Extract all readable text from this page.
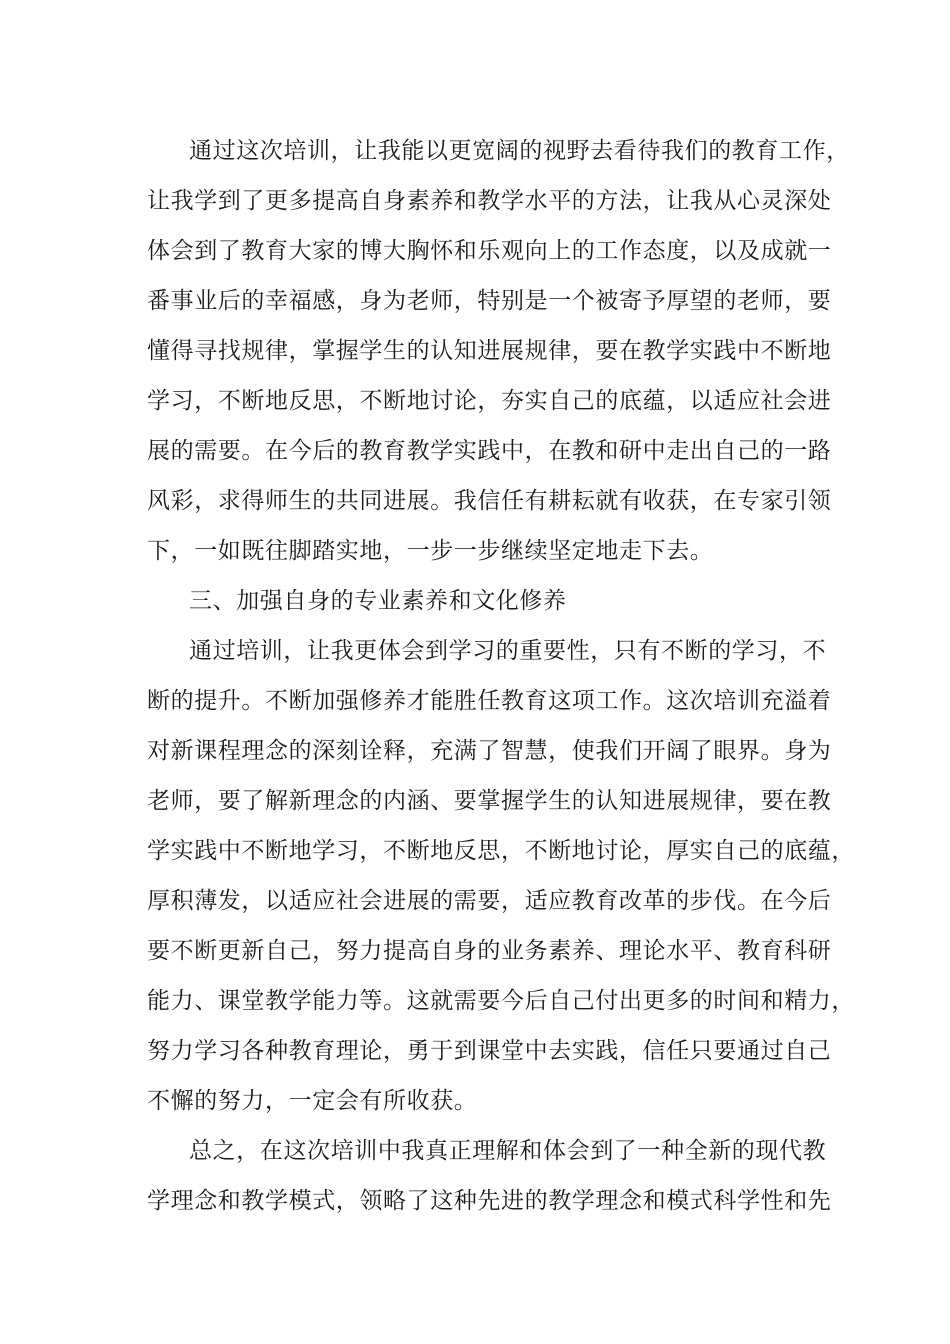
通过这次培训，让我能以更宽阔的视野去看待我们的教育工作，
让我学到了更多提高自身素养和教学水平的方法，让我从心灵深处
体会到了教育大家的博大胸怀和乐观向上的工作态度，以及成就一
番事业后的幸福感，身为老师，特别是一个被寄予厚望的老师，要
懂得寻找规律，掌握学生的认知进展规律，要在教学实践中不断地
学习，不断地反思，不断地讨论，夯实自己的底蕴，以适应社会进
展的需要。在今后的教育教学实践中，在教和研中走出自己的一路
风彩，求得师生的共同进展。我信任有耕耘就有收获，在专家引领
下，一如既往脚踏实地，一步一步继续坚定地走下去。
三、加强自身的专业素养和文化修养
通过培训，让我更体会到学习的重要性，只有不断的学习，不
断的提升。不断加强修养才能胜任教育这项工作。这次培训充溢着
对新课程理念的深刻诠释，充满了智慧，使我们开阔了眼界。身为
老师，要了解新理念的内涵、要掌握学生的认知进展规律，要在教
学实践中不断地学习，不断地反思，不断地讨论，厚实自己的底蕴，
厚积薄发，以适应社会进展的需要，适应教育改革的步伐。在今后
要不断更新自己，努力提高自身的业务素养、理论水平、教育科研
能力、课堂教学能力等。这就需要今后自己付出更多的时间和精力，
努力学习各种教育理论，勇于到课堂中去实践，信任只要通过自己
不懈的努力，一定会有所收获。
总之，在这次培训中我真正理解和体会到了一种全新的现代教
学理念和教学模式，领略了这种先进的教学理念和模式科学性和先
